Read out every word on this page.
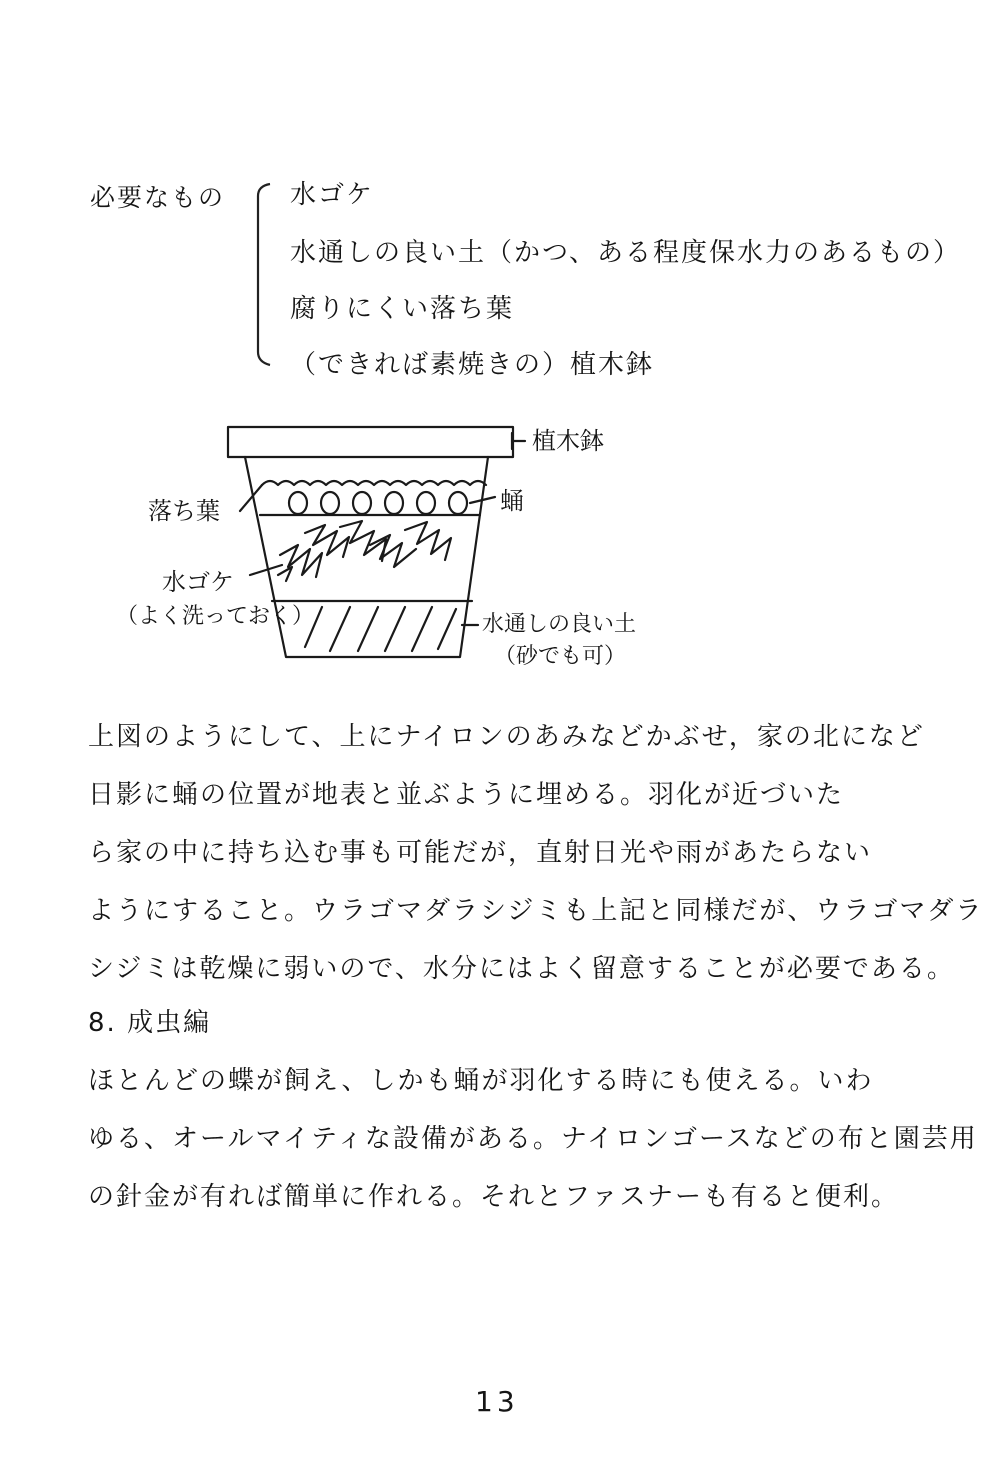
必要なもの 水ゴケ
水通しの良い土（かつ、ある程度保水力のあるもの）
腐りにくい落ち葉
（できれば素焼きの）植木鉢
植木鉢
蛹
落ち葉
水ゴケ
（よく洗っておく）	水通しの良い土
（砂でも可）
上図のようにして、上にナイロンのあみなどかぶせ，家の北になど
日影に蛹の位置が地表と並ぶように埋める。羽化が近づいた
ら家の中に持ち込む事も可能だが，直射日光や雨があたらない
ようにすること。ウラゴマダラシジミも上記と同様だが、ウラゴマダラ
シジミは乾燥に弱いので、水分にはよく留意することが必要である。
8. 成虫編
ほとんどの蝶が飼え、しかも蛹が羽化する時にも使える。いわ
ゆる、オールマイティな設備がある。ナイロンゴースなどの布と園芸用
の針金が有れば簡単に作れる。それとファスナーも有ると便利。
13
